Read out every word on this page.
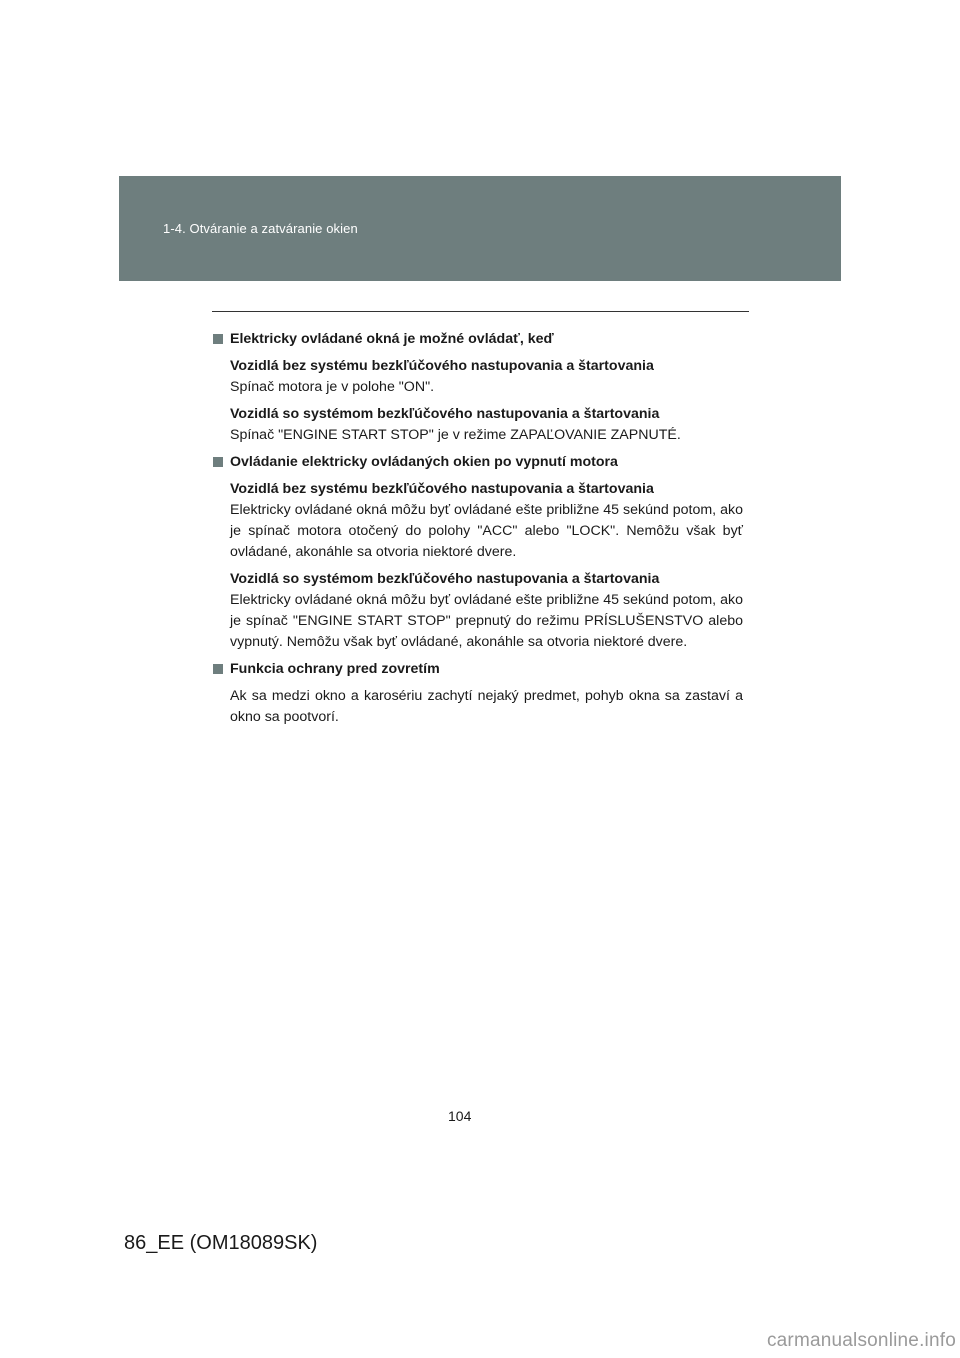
1-4. Otváranie a zatváranie okien
Elektricky ovládané okná je možné ovládať, keď
Vozidlá bez systému bezkľúčového nastupovania a štartovania
Spínač motora je v polohe "ON".
Vozidlá so systémom bezkľúčového nastupovania a štartovania
Spínač "ENGINE START STOP" je v režime ZAPAĽOVANIE ZAPNUTÉ.
Ovládanie elektricky ovládaných okien po vypnutí motora
Vozidlá bez systému bezkľúčového nastupovania a štartovania
Elektricky ovládané okná môžu byť ovládané ešte približne 45 sekúnd potom, ako je spínač motora otočený do polohy "ACC" alebo "LOCK". Nemôžu však byť ovládané, akonáhle sa otvoria niektoré dvere.
Vozidlá so systémom bezkľúčového nastupovania a štartovania
Elektricky ovládané okná môžu byť ovládané ešte približne 45 sekúnd potom, ako je spínač "ENGINE START STOP" prepnutý do režimu PRÍSLUŠENSTVO alebo vypnutý. Nemôžu však byť ovládané, akonáhle sa otvoria niektoré dvere.
Funkcia ochrany pred zovretím
Ak sa medzi okno a karosériu zachytí nejaký predmet, pohyb okna sa zastaví a okno sa pootvorí.
104
86_EE (OM18089SK)
carmanualsonline.info
